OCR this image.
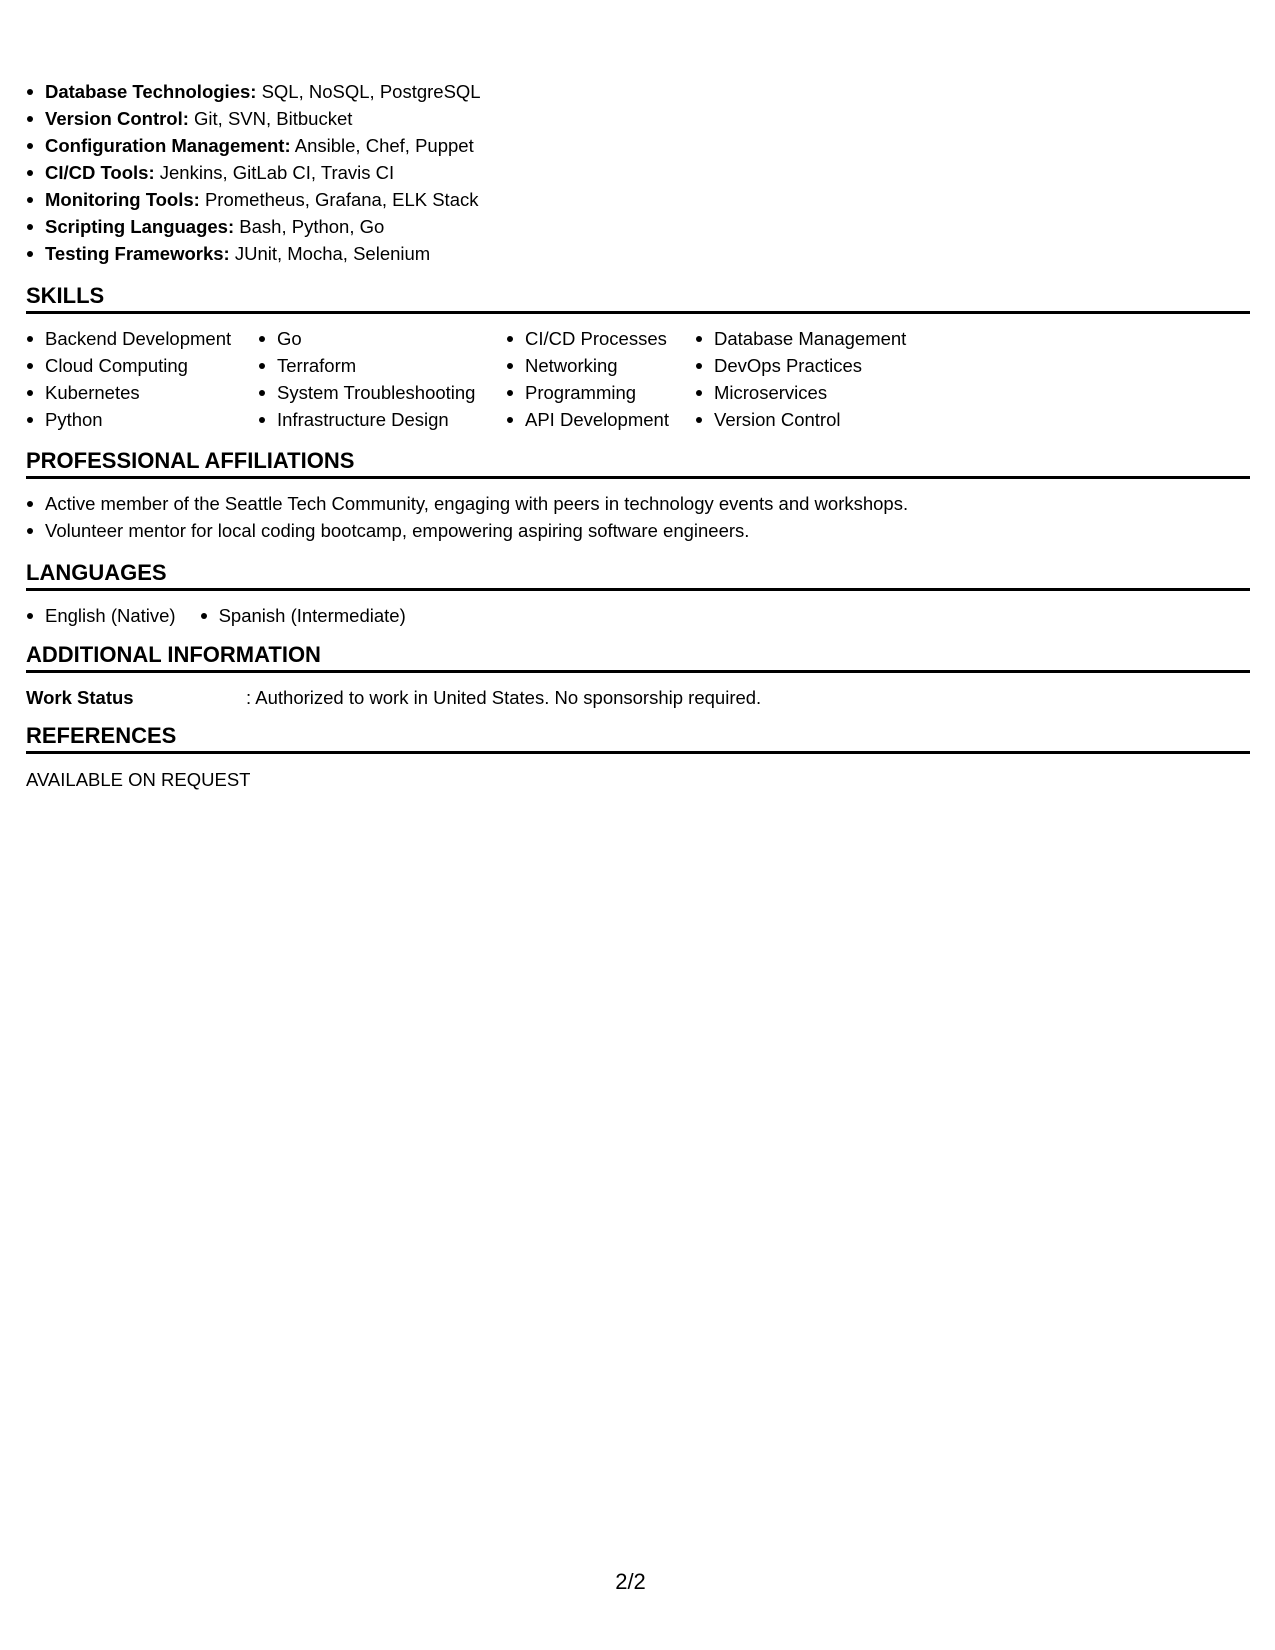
Database Technologies: SQL, NoSQL, PostgreSQL
Version Control: Git, SVN, Bitbucket
Configuration Management: Ansible, Chef, Puppet
CI/CD Tools: Jenkins, GitLab CI, Travis CI
Monitoring Tools: Prometheus, Grafana, ELK Stack
Scripting Languages: Bash, Python, Go
Testing Frameworks: JUnit, Mocha, Selenium
SKILLS
Backend Development
Cloud Computing
Kubernetes
Python
Go
Terraform
System Troubleshooting
Infrastructure Design
CI/CD Processes
Networking
Programming
API Development
Database Management
DevOps Practices
Microservices
Version Control
PROFESSIONAL AFFILIATIONS
Active member of the Seattle Tech Community, engaging with peers in technology events and workshops.
Volunteer mentor for local coding bootcamp, empowering aspiring software engineers.
LANGUAGES
English (Native)	Spanish (Intermediate)
ADDITIONAL INFORMATION
Work Status	: Authorized to work in United States. No sponsorship required.
REFERENCES
AVAILABLE ON REQUEST
2/2
